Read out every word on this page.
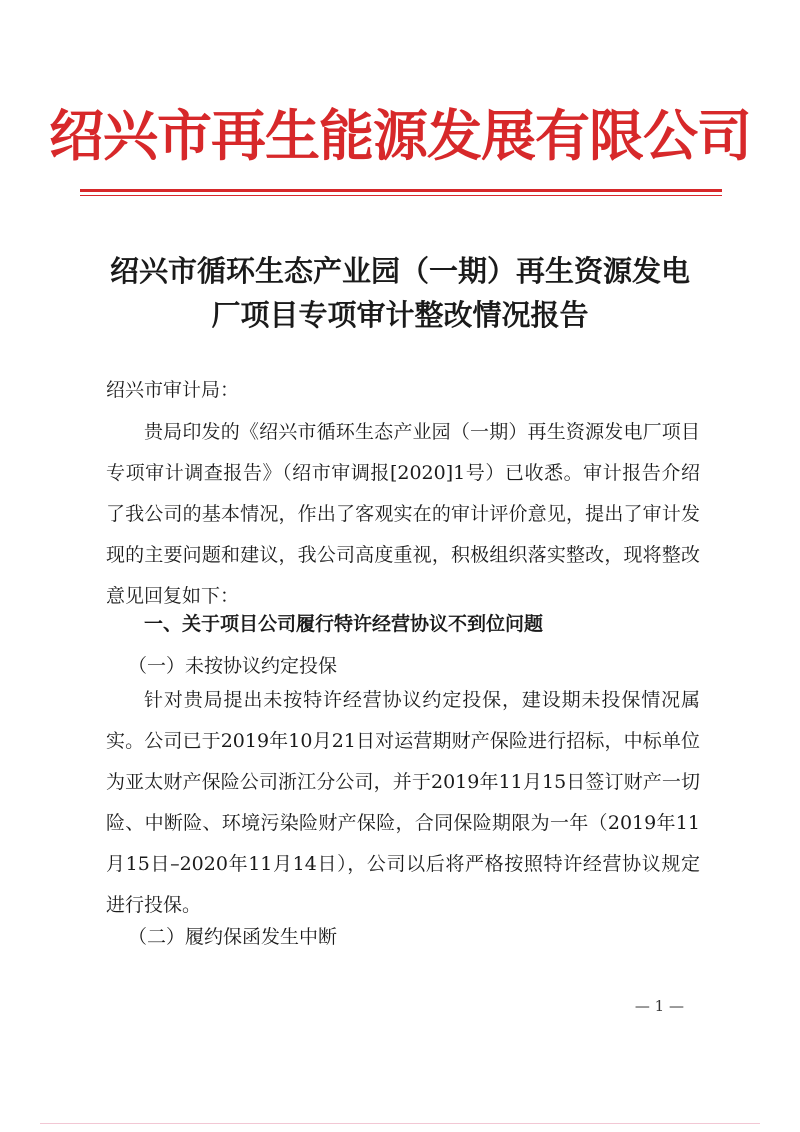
绍兴市再生能源发展有限公司
绍兴市循环生态产业园（一期）再生资源发电
厂项目专项审计整改情况报告
绍兴市审计局：

贵局印发的《绍兴市循环生态产业园（一期）再生资源发电厂项目专项审计调查报告》（绍市审调报[2020]1号）已收悉。审计报告介绍了我公司的基本情况，作出了客观实在的审计评价意见，提出了审计发现的主要问题和建议，我公司高度重视，积极组织落实整改，现将整改意见回复如下：

一、关于项目公司履行特许经营协议不到位问题
（一）未按协议约定投保

针对贵局提出未按特许经营协议约定投保，建设期未投保情况属实。公司已于2019年10月21日对运营期财产保险进行招标，中标单位为亚太财产保险公司浙江分公司，并于2019年11月15日签订财产一切险、中断险、环境污染险财产保险，合同保险期限为一年（2019年11月15日–2020年11月14日），公司以后将严格按照特许经营协议规定进行投保。

（二）履约保函发生中断
— 1 —
